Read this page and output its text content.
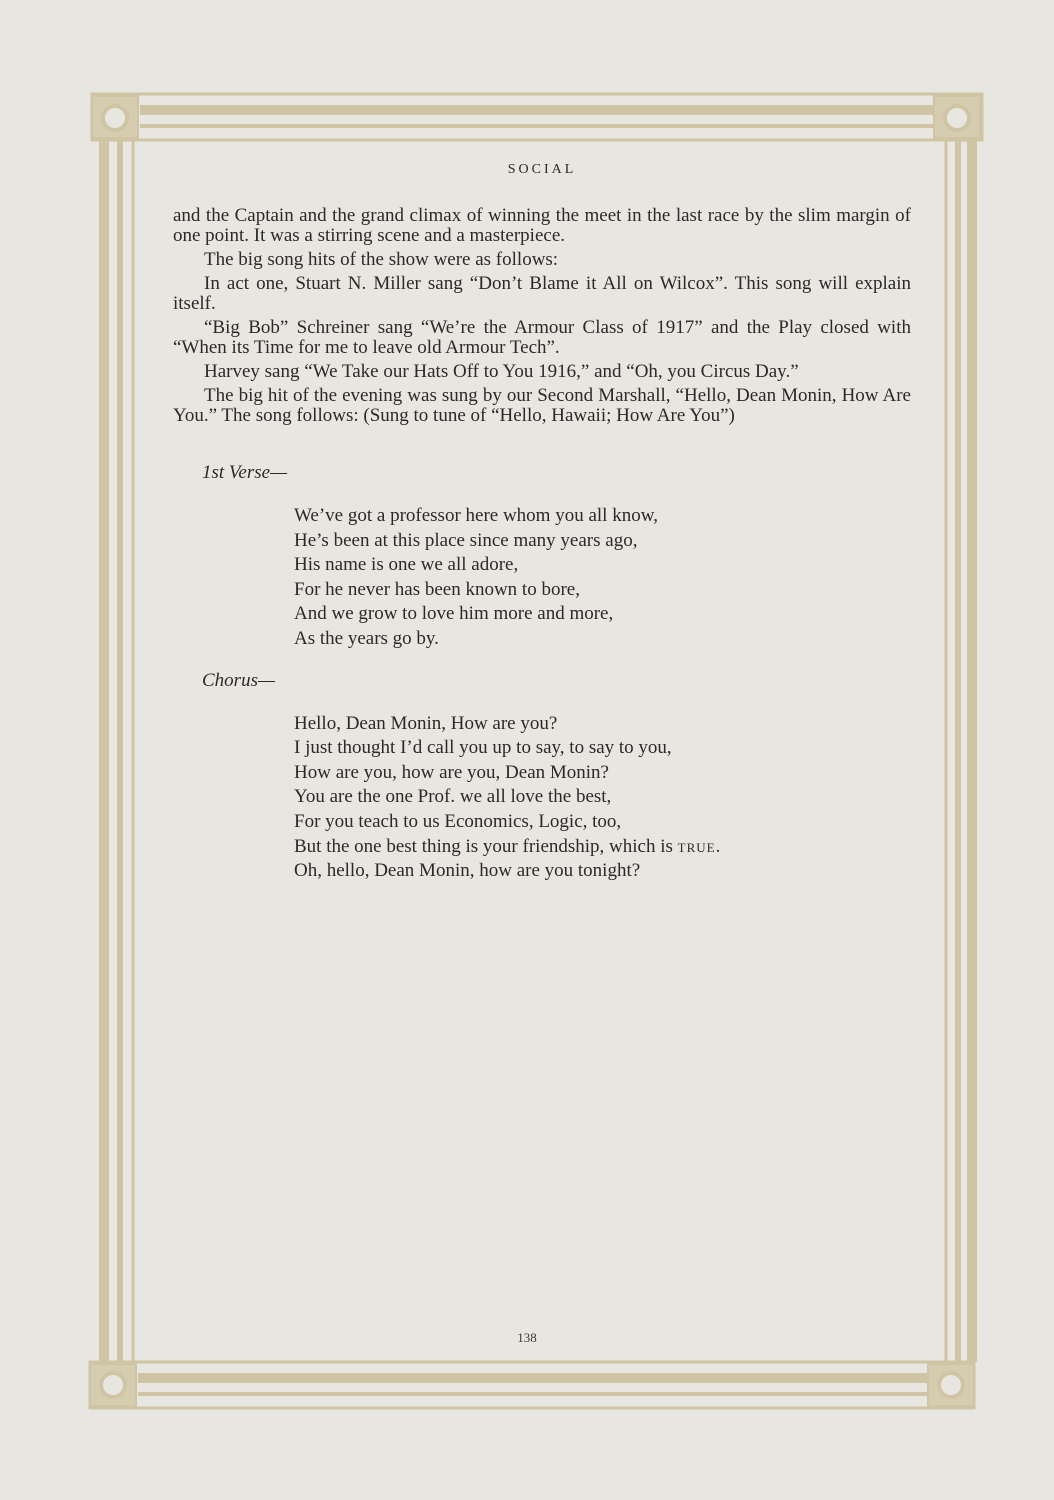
SOCIAL

and the Captain and the grand climax of winning the meet in the last race by the slim margin of one point. It was a stirring scene and a masterpiece.

The big song hits of the show were as follows:

In act one, Stuart N. Miller sang “Don’t Blame it All on Wilcox”. This song will explain itself.

“Big Bob” Schreiner sang “We’re the Armour Class of 1917” and the Play closed with “When its Time for me to leave old Armour Tech”.

Harvey sang “We Take our Hats Off to You 1916,” and “Oh, you Circus Day.”

The big hit of the evening was sung by our Second Marshall, “Hello, Dean Monin, How Are You.” The song follows: (Sung to tune of “Hello, Hawaii; How Are You”)

1st Verse—
We’ve got a professor here whom you all know,
He’s been at this place since many years ago,
His name is one we all adore,
For he never has been known to bore,
And we grow to love him more and more,
As the years go by.
Chorus—
Hello, Dean Monin, How are you?
I just thought I’d call you up to say, to say to you,
How are you, how are you, Dean Monin?
You are the one Prof. we all love the best,
For you teach to us Economics, Logic, too,
But the one best thing is your friendship, which is true.
Oh, hello, Dean Monin, how are you tonight?
138
